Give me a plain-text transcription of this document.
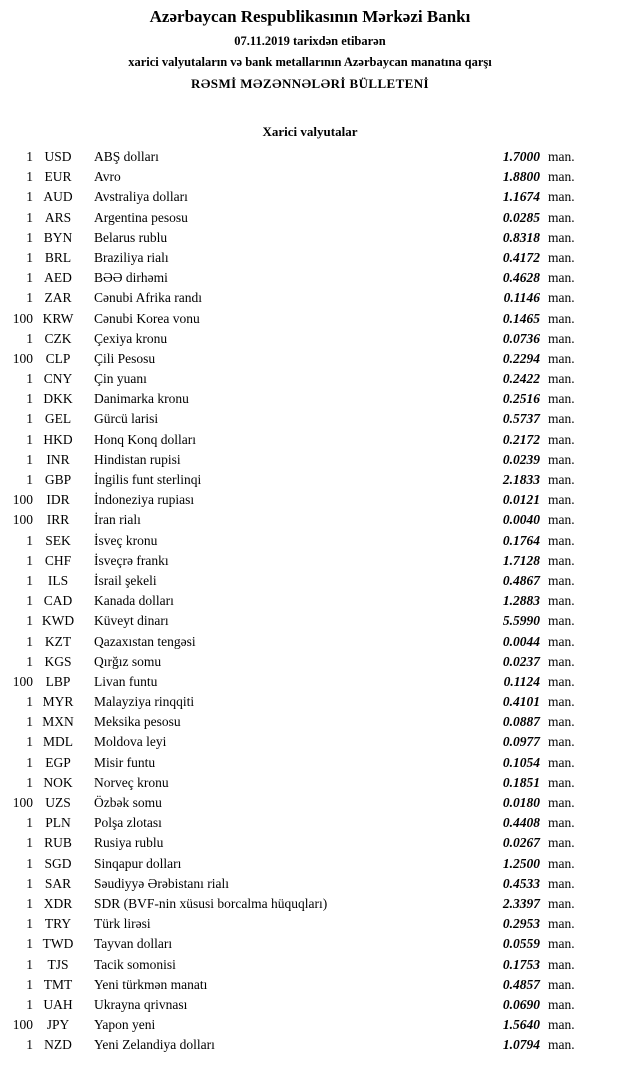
Azərbaycan Respublikasının Mərkəzi Bankı
07.11.2019 tarixdən etibarən
xarici valyutaların və bank metallarının Azərbaycan manatına qarşı
RƏSMİ MƏZƏNNƏLƏRİ BÜLLETENİ
Xarici valyutalar
1 USD	ABŞ dolları	1.7000 man.
1 EUR	Avro	1.8800 man.
1 AUD	Avstraliya dolları	1.1674 man.
1 ARS	Argentina pesosu	0.0285 man.
1 BYN	Belarus rublu	0.8318 man.
1 BRL	Braziliya rialı	0.4172 man.
1 AED	BƏƏ dirhəmi	0.4628 man.
1 ZAR	Cənubi Afrika randı	0.1146 man.
100 KRW	Cənubi Korea vonu	0.1465 man.
1 CZK	Çexiya kronu	0.0736 man.
100 CLP	Çili Pesosu	0.2294 man.
1 CNY	Çin yuanı	0.2422 man.
1 DKK	Danimarka kronu	0.2516 man.
1 GEL	Gürcü larisi	0.5737 man.
1 HKD	Honq Konq dolları	0.2172 man.
1 INR	Hindistan rupisi	0.0239 man.
1 GBP	İngilis funt sterlinqi	2.1833 man.
100 IDR	İndoneziya rupiası	0.0121 man.
100	IRR	İran rialı	0.0040 man.
1 SEK	İsveç kronu	0.1764 man.
1 CHF	İsveçrə frankı	1.7128 man.
1	ILS	İsrail şekeli	0.4867 man.
1 CAD	Kanada dolları	1.2883 man.
1 KWD	Küveyt dinarı	5.5990 man.
1 KZT	Qazaxıstan tengəsi	0.0044 man.
1 KGS	Qırğız somu	0.0237 man.
100 LBP	Livan funtu	0.1124 man.
1 MYR	Malayziya rinqqiti	0.4101 man.
1 MXN	Meksika pesosu	0.0887 man.
1 MDL	Moldova leyi	0.0977 man.
1 EGP	Misir funtu	0.1054 man.
1 NOK	Norveç kronu	0.1851 man.
100 UZS	Özbək somu	0.0180 man.
1 PLN	Polşa zlotası	0.4408 man.
1 RUB	Rusiya rublu	0.0267 man.
1 SGD	Sinqapur dolları	1.2500 man.
1 SAR	Səudiyyə Ərəbistanı rialı	0.4533 man.
1 XDR	SDR (BVF-nin xüsusi borcalma hüquqları)	2.3397 man.
1 TRY	Türk lirəsi	0.2953 man.
1 TWD	Tayvan dolları	0.0559 man.
1	TJS	Tacik somonisi	0.1753 man.
1 TMT	Yeni türkmən manatı	0.4857 man.
1 UAH	Ukrayna qrivnası	0.0690 man.
100	JPY	Yapon yeni	1.5640 man.
1 NZD	Yeni Zelandiya dolları	1.0794 man.
